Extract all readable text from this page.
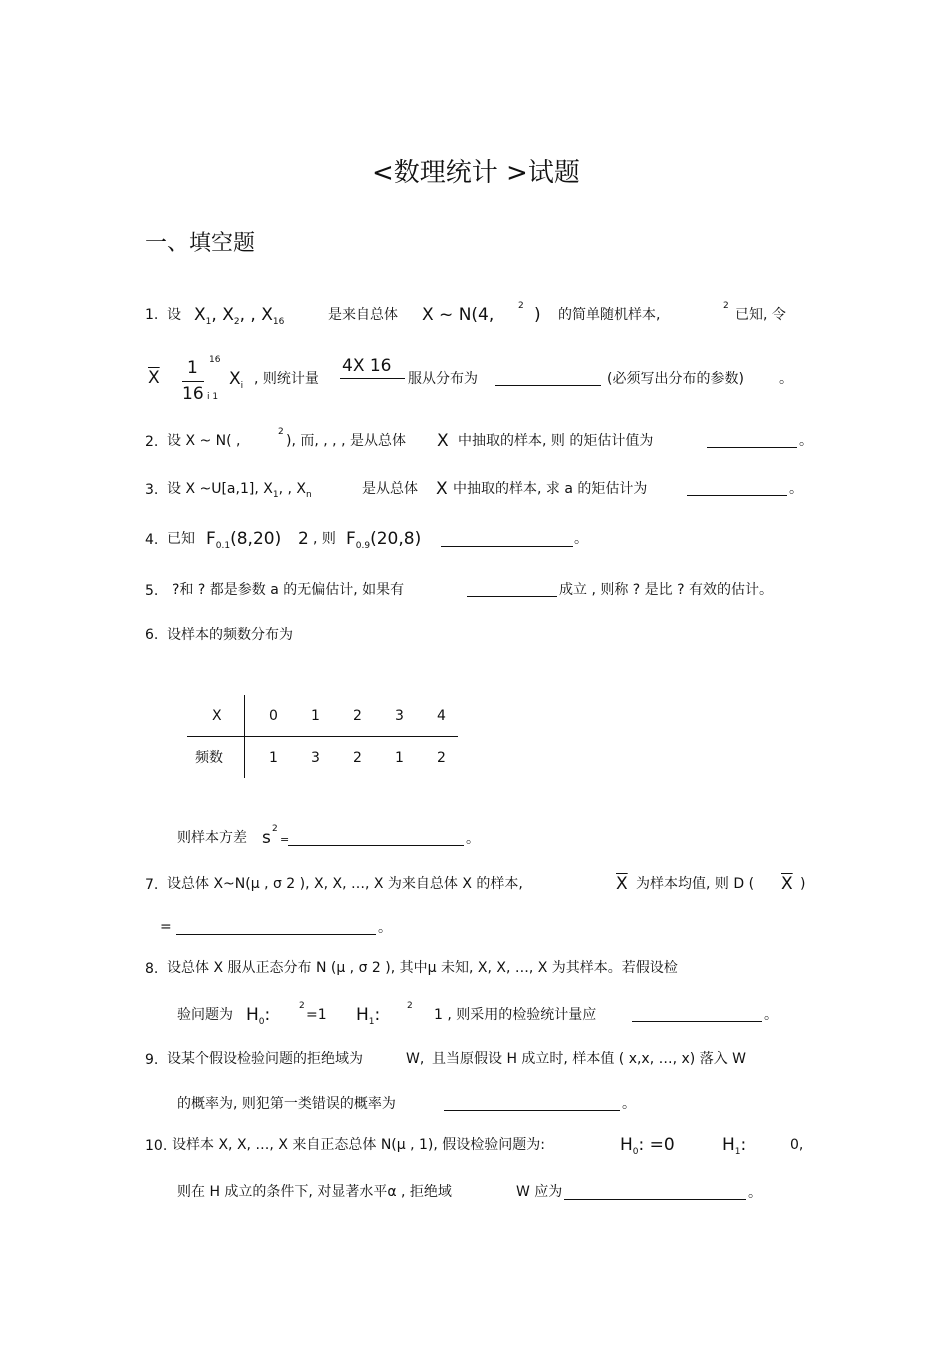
<数理统计 >试题
一、填空题
1. 设 $X_1$, $X_2$, , $X_{16}$	是来自总体 X ~ N(4,	2 ) 的简单随机样本,
2
已知, 令
$\overline{X}$ 1
16
16
i 1
$X_i$ , 则统计量
4X 16
服从分布为	(必须写出分布的参数)	。
2. 设 X ~ N( ,
2
), 而, , , , 是从总体 X 中抽取的样本, 则 的矩估计值为	。
3. 设 X ~U[a,1], $X_1$, , $X_n$	是从总体 X 中抽取的样本, 求 a 的矩估计为	。
4. 已知 $F_{0.1}(8,20)$ 2 , 则 $F_{0.9}(20,8)$	。
5. ?和 ? 都是参数 a 的无偏估计, 如果有	成立 , 则称 ? 是比 ? 有效的估计。
6. 设样本的频数分布为
X	0 1 2 3 4
频数	1 3 2 1 2
则样本方差 s 2
=	。
7. 设总体 X~N(μ , σ 2 ), X, X, …, X 为来自总体 X 的样本,	$\overline{X}$ 为样本均值, 则 D ( $\overline{X}$ )
=	。
8. 设总体 X 服从正态分布 N (μ , σ 2 ), 其中μ 未知, X, X, …, X 为其样本。若假设检
验问题为 $H_0$:	2
=1 $H_1$:	2
1 , 则采用的检验统计量应	。
9. 设某个假设检验问题的拒绝域为	W, 且当原假设 H 成立时, 样本值 ( x,x, …, x) 落入 W
的概率为, 则犯第一类错误的概率为	。
10. 设样本 X, X, …, X 来自正态总体 N(μ , 1), 假设检验问题为:	$H_0$: =0	$H_1$:	0,
则在 H 成立的条件下, 对显著水平α , 拒绝域	W 应为	。
